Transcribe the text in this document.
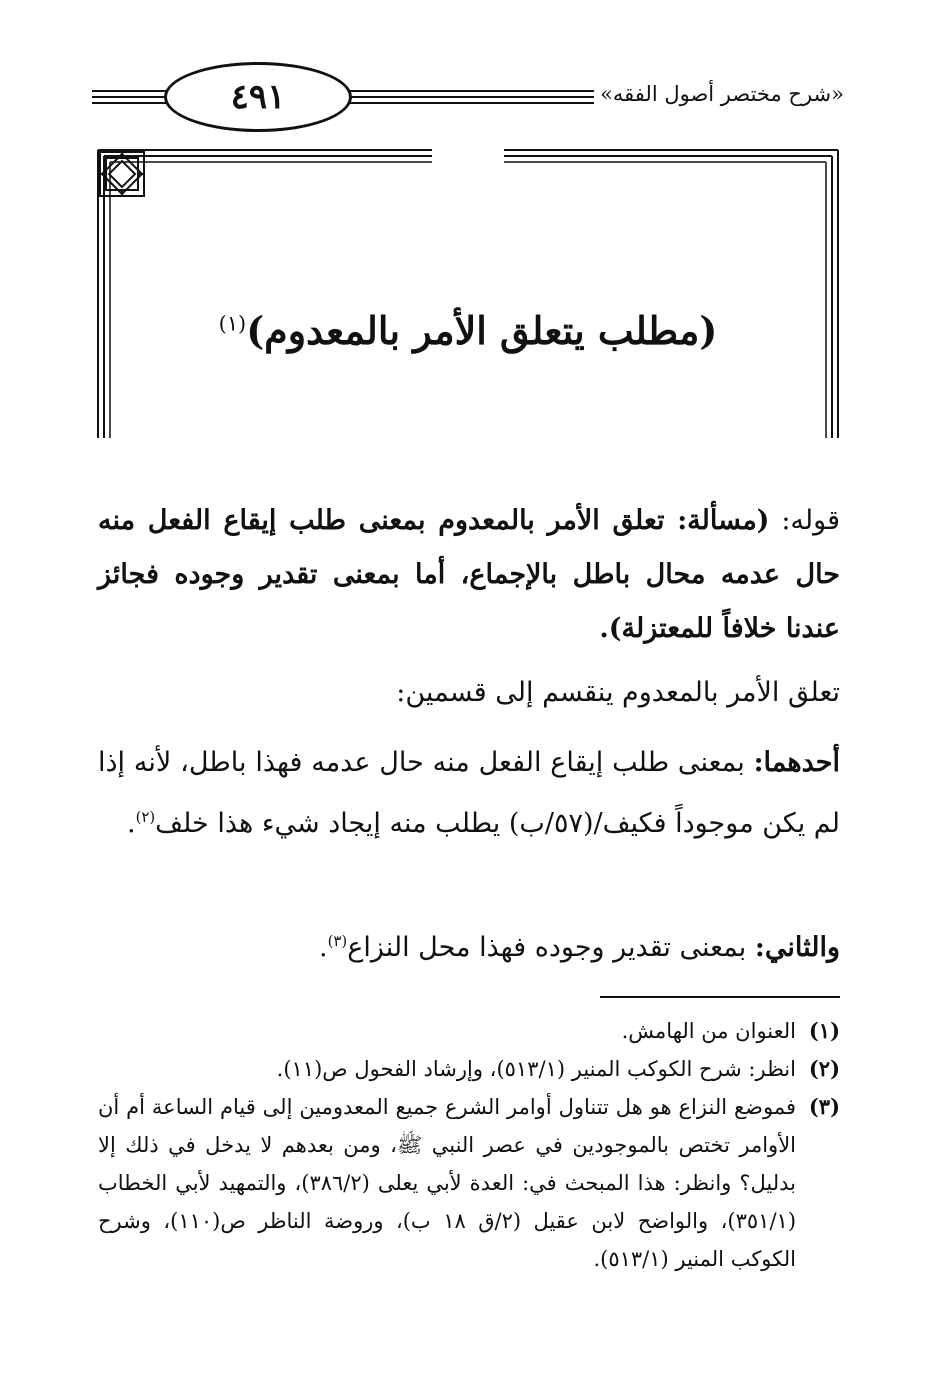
٤٩١	«شرح مختصر أصول الفقه»
(مطلب يتعلق الأمر بالمعدوم)$^{(١)}$
قوله: (مسألة: تعلق الأمر بالمعدوم بمعنى طلب إيقاع الفعل منه حال عدمه محال باطل بالإجماع، أما بمعنى تقدير وجوده فجائز عندنا خلافاً للمعتزلة).
تعلق الأمر بالمعدوم ينقسم إلى قسمين:
أحدهما: بمعنى طلب إيقاع الفعل منه حال عدمه فهذا باطل، لأنه إذا لم يكن موجوداً فكيف/(٥٧/ب) يطلب منه إيجاد شيء هذا خلف$^{(٢)}$.
والثاني: بمعنى تقدير وجوده فهذا محل النزاع$^{(٣)}$.
(١)
العنوان من الهامش.
(٢)
انظر: شرح الكوكب المنير (٥١٣/١)، وإرشاد الفحول ص(١١).
(٣)
فموضع النزاع هو هل تتناول أوامر الشرع جميع المعدومين إلى قيام الساعة أم أن الأوامر تختص بالموجودين في عصر النبي ﷺ، ومن بعدهم لا يدخل في ذلك إلا بدليل؟ وانظر: هذا المبحث في: العدة لأبي يعلى (٣٨٦/٢)، والتمهيد لأبي الخطاب (٣٥١/١)، والواضح لابن عقيل (٢/ق ١٨ ب)، وروضة الناظر ص(١١٠)، وشرح الكوكب المنير (٥١٣/١).
